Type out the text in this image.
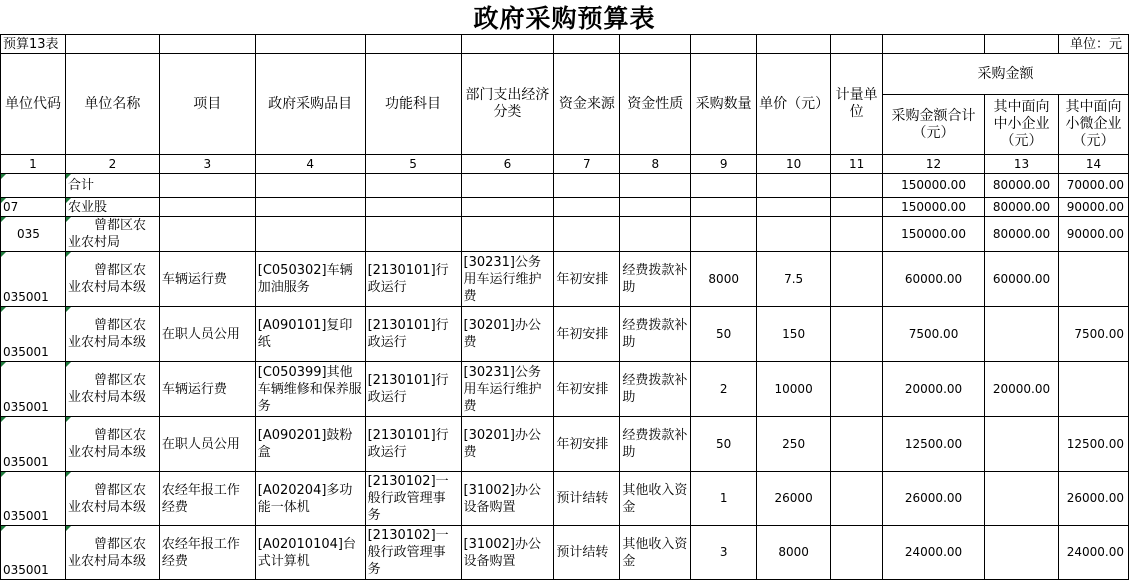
政府采购预算表
预算13表													单位：元
单位代码	单位名称	项目	政府采购品目	功能科目	部门支出经济分类	资金来源	资金性质	采购数量	单价（元）	计量单位	采购金额		
											采购金额合计（元）	其中面向中小企业（元）	其中面向小微企业（元）
1	2	3	4	5	6	7	8	9	10	11	12	13	14
	合计										150000.00	80000.00	70000.00
07	农业股										150000.00	80000.00	90000.00
035	曾都区农业农村局										150000.00	80000.00	90000.00
035001	曾都区农业农村局本级	车辆运行费	[C050302]车辆加油服务	[2130101]行政运行	[30231]公务用车运行维护费	年初安排	经费拨款补助	8000	7.5		60000.00	60000.00	
035001	曾都区农业农村局本级	在职人员公用	[A090101]复印纸	[2130101]行政运行	[30201]办公费	年初安排	经费拨款补助	50	150		7500.00		7500.00
035001	曾都区农业农村局本级	车辆运行费	[C050399]其他车辆维修和保养服务	[2130101]行政运行	[30231]公务用车运行维护费	年初安排	经费拨款补助	2	10000		20000.00	20000.00	
035001	曾都区农业农村局本级	在职人员公用	[A090201]鼓粉盒	[2130101]行政运行	[30201]办公费	年初安排	经费拨款补助	50	250		12500.00		12500.00
035001	曾都区农业农村局本级	农经年报工作经费	[A020204]多功能一体机	[2130102]一般行政管理事务	[31002]办公设备购置	预计结转	其他收入资金	1	26000		26000.00		26000.00
035001	曾都区农业农村局本级	农经年报工作经费	[A02010104]台式计算机	[2130102]一般行政管理事务	[31002]办公设备购置	预计结转	其他收入资金	3	8000		24000.00		24000.00
